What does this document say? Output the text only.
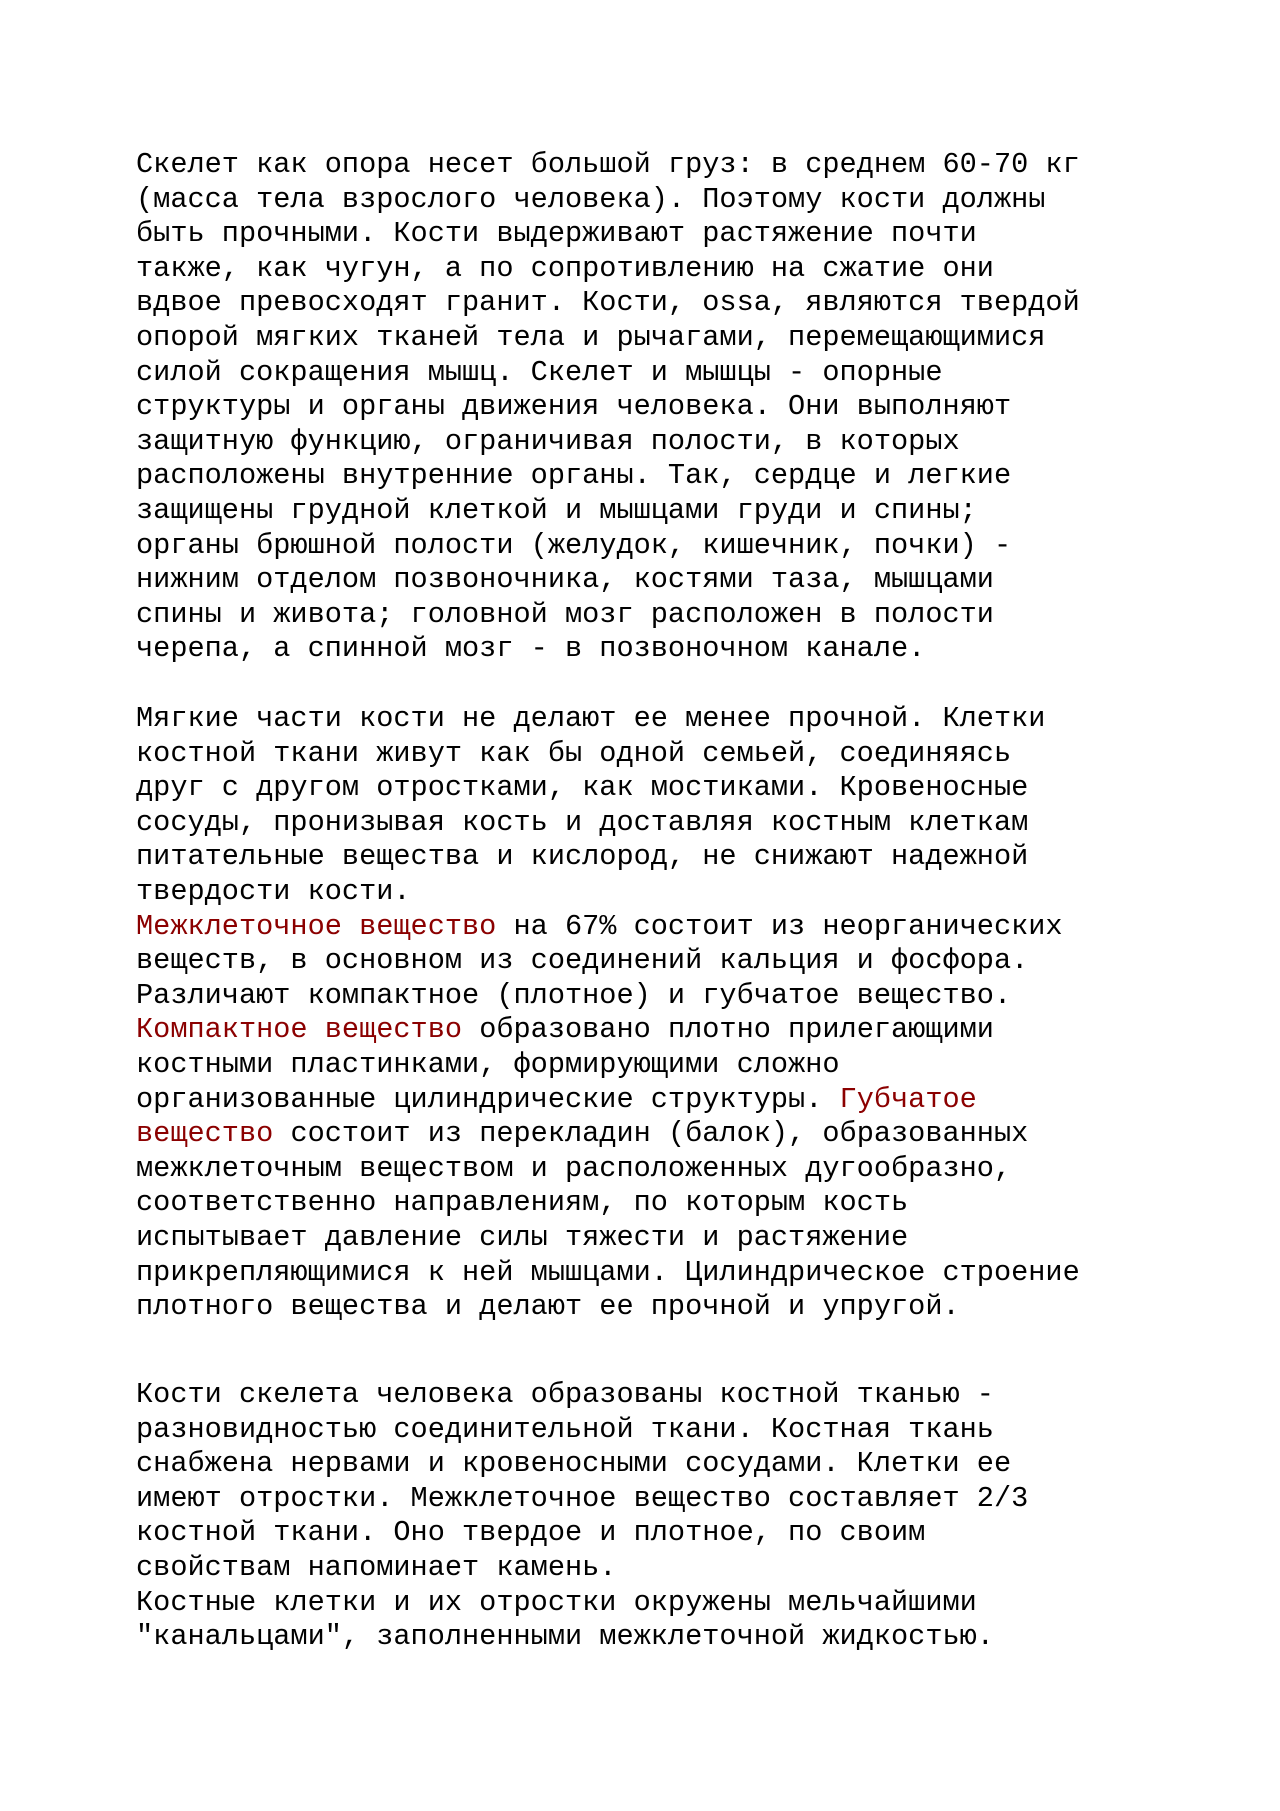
Скелет как опора несет большой груз: в среднем 60-70 кг
(масса тела взрослого человека). Поэтому кости должны
быть прочными. Кости выдерживают растяжение почти
также, как чугун, а по сопротивлению на сжатие они
вдвое превосходят гранит. Кости, ossa, являются твердой
опорой мягких тканей тела и рычагами, перемещающимися
силой сокращения мышц. Скелет и мышцы - опорные
структуры и органы движения человека. Они выполняют
защитную функцию, ограничивая полости, в которых
расположены внутренние органы. Так, сердце и легкие
защищены грудной клеткой и мышцами груди и спины;
органы брюшной полости (желудок, кишечник, почки) -
нижним отделом позвоночника, костями таза, мышцами
спины и живота; головной мозг расположен в полости
черепа, а спинной мозг - в позвоночном канале.
Мягкие части кости не делают ее менее прочной. Клетки
костной ткани живут как бы одной семьей, соединяясь
друг с другом отростками, как мостиками. Кровеносные
сосуды, пронизывая кость и доставляя костным клеткам
питательные вещества и кислород, не снижают надежной
твердости кости.
Межклеточное вещество на 67% состоит из неорганических
веществ, в основном из соединений кальция и фосфора.
Различают компактное (плотное) и губчатое вещество.
Компактное вещество образовано плотно прилегающими
костными пластинками, формирующими сложно
организованные цилиндрические структуры. Губчатое
вещество состоит из перекладин (балок), образованных
межклеточным веществом и расположенных дугообразно,
соответственно направлениям, по которым кость
испытывает давление силы тяжести и растяжение
прикрепляющимися к ней мышцами. Цилиндрическое строение
плотного вещества и делают ее прочной и упругой.
Кости скелета человека образованы костной тканью -
разновидностью соединительной ткани. Костная ткань
снабжена нервами и кровеносными сосудами. Клетки ее
имеют отростки. Межклеточное вещество составляет 2/3
костной ткани. Оно твердое и плотное, по своим
свойствам напоминает камень.
Костные клетки и их отростки окружены мельчайшими
"канальцами", заполненными межклеточной жидкостью.
